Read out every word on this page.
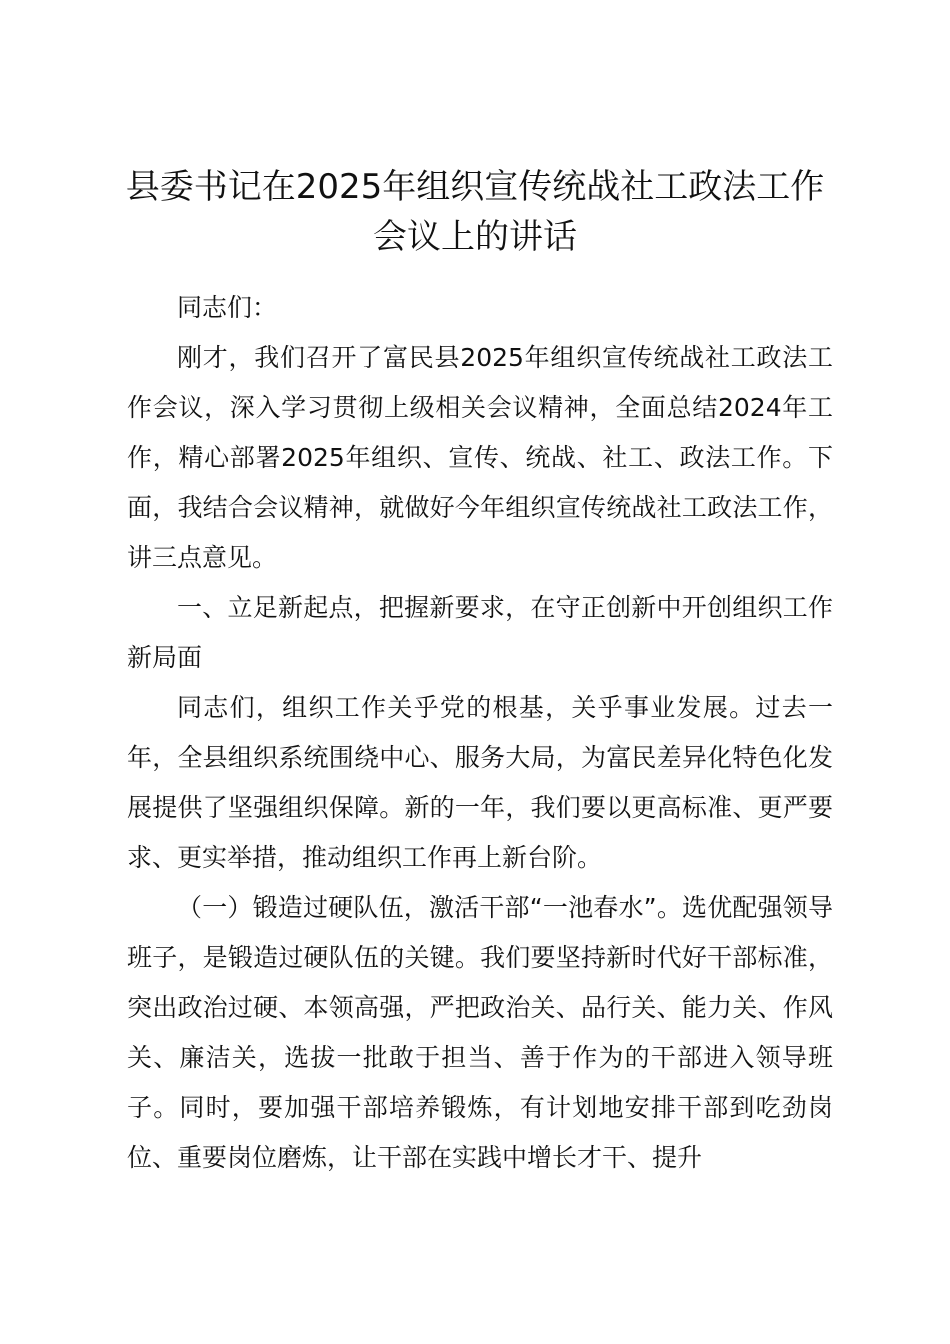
县委书记在2025年组织宣传统战社工政法工作会议上的讲话

同志们：

刚才，我们召开了富民县2025年组织宣传统战社工政法工作会议，深入学习贯彻上级相关会议精神，全面总结2024年工作，精心部署2025年组织、宣传、统战、社工、政法工作。下面，我结合会议精神，就做好今年组织宣传统战社工政法工作，讲三点意见。

一、立足新起点，把握新要求，在守正创新中开创组织工作新局面

同志们，组织工作关乎党的根基，关乎事业发展。过去一年，全县组织系统围绕中心、服务大局，为富民差异化特色化发展提供了坚强组织保障。新的一年，我们要以更高标准、更严要求、更实举措，推动组织工作再上新台阶。

（一）锻造过硬队伍，激活干部“一池春水”。选优配强领导班子，是锻造过硬队伍的关键。我们要坚持新时代好干部标准，突出政治过硬、本领高强，严把政治关、品行关、能力关、作风关、廉洁关，选拔一批敢于担当、善于作为的干部进入领导班子。同时，要加强干部培养锻炼，有计划地安排干部到吃劲岗位、重要岗位磨炼，让干部在实践中增长才干、提升
